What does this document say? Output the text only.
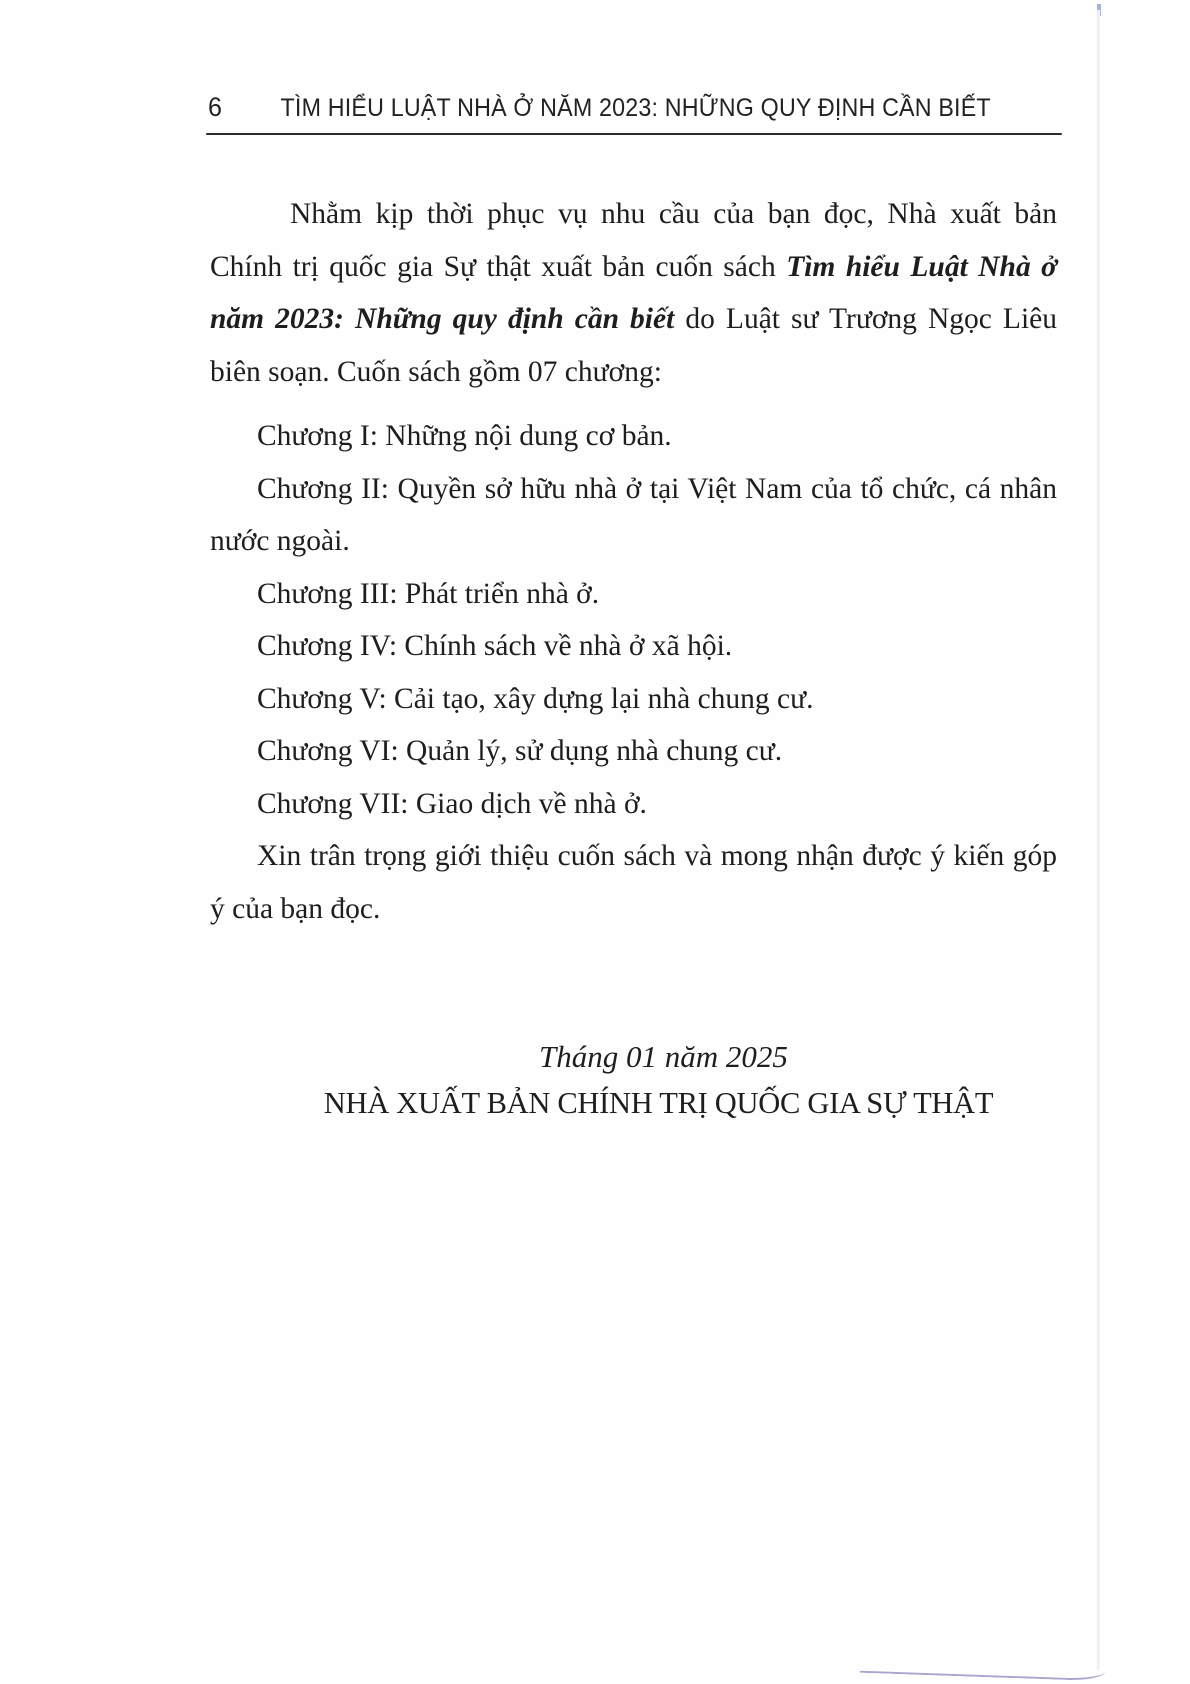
6	TÌM HIỂU LUẬT NHÀ Ở NĂM 2023: NHỮNG QUY ĐỊNH CẦN BIẾT

Nhằm kịp thời phục vụ nhu cầu của bạn đọc, Nhà xuất bản Chính trị quốc gia Sự thật xuất bản cuốn sách Tìm hiểu Luật Nhà ở năm 2023: Những quy định cần biết do Luật sư Trương Ngọc Liêu biên soạn. Cuốn sách gồm 07 chương:

Chương I: Những nội dung cơ bản.
Chương II: Quyền sở hữu nhà ở tại Việt Nam của tổ chức, cá nhân nước ngoài.
Chương III: Phát triển nhà ở.
Chương IV: Chính sách về nhà ở xã hội.
Chương V: Cải tạo, xây dựng lại nhà chung cư.
Chương VI: Quản lý, sử dụng nhà chung cư.
Chương VII: Giao dịch về nhà ở.

Xin trân trọng giới thiệu cuốn sách và mong nhận được ý kiến góp ý của bạn đọc.

Tháng 01 năm 2025
NHÀ XUẤT BẢN CHÍNH TRỊ QUỐC GIA SỰ THẬT
